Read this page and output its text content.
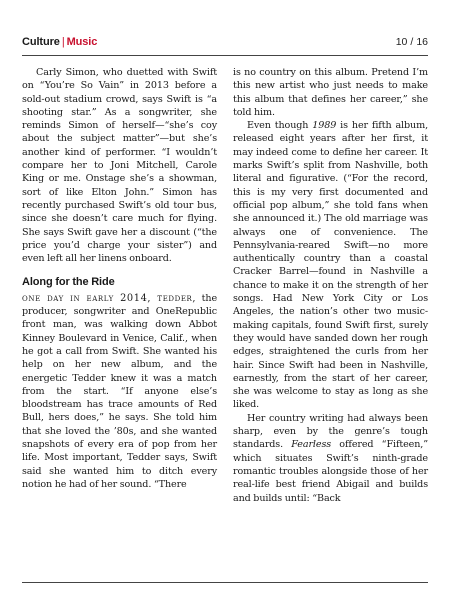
Culture | Music	10 / 16

Carly Simon, who duetted with Swift on “You’re So Vain” in 2013 before a sold-out stadium crowd, says Swift is “a shooting star.” As a songwriter, she reminds Simon of herself—“she’s coy about the subject matter”—but she’s another kind of performer. “I wouldn’t compare her to Joni Mitchell, Carole King or me. Onstage she’s a showman, sort of like Elton John.” Simon has recently purchased Swift’s old tour bus, since she doesn’t care much for flying. She says Swift gave her a discount (“the price you’d charge your sister”) and even left all her linens onboard.

Along for the Ride

one day in early 2014, tedder, the producer, songwriter and OneRepublic front man, was walking down Abbot Kinney Boulevard in Venice, Calif., when he got a call from Swift. She wanted his help on her new album, and the energetic Tedder knew it was a match from the start. “If anyone else’s bloodstream has trace amounts of Red Bull, hers does,” he says. She told him that she loved the ’80s, and she wanted snapshots of every era of pop from her life. Most important, Tedder says, Swift said she wanted him to ditch every notion he had of her sound. “There

is no country on this album. Pretend I’m this new artist who just needs to make this album that defines her career,” she told him.

Even though 1989 is her fifth album, released eight years after her first, it may indeed come to define her career. It marks Swift’s split from Nashville, both literal and figurative. (“For the record, this is my very first documented and official pop album,” she told fans when she announced it.) The old marriage was always one of convenience. The Pennsylvania-reared Swift—no more authentically country than a coastal Cracker Barrel—found in Nashville a chance to make it on the strength of her songs. Had New York City or Los Angeles, the nation’s other two music-making capitals, found Swift first, surely they would have sanded down her rough edges, straightened the curls from her hair. Since Swift had been in Nashville, earnestly, from the start of her career, she was welcome to stay as long as she liked.

Her country writing had always been sharp, even by the genre’s tough standards. Fearless offered “Fifteen,” which situates Swift’s ninth-grade romantic troubles alongside those of her real-life best friend Abigail and builds and builds until: “Back
